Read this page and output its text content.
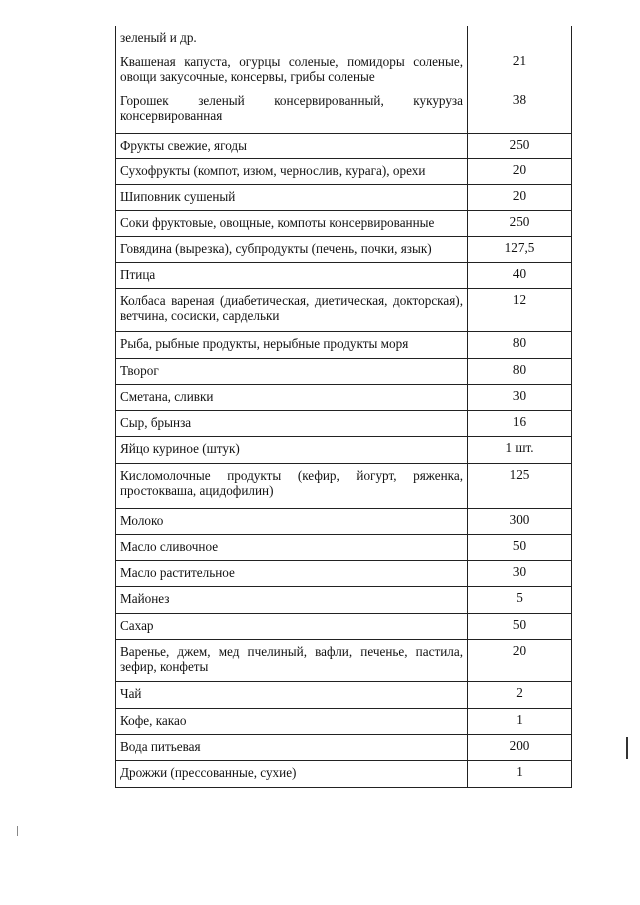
зеленый и др.	
Квашеная капуста, огурцы соленые, помидоры соленые, овощи закусочные, консервы, грибы соленые	21
Горошек зеленый консервированный, кукуруза консервированная	38
Фрукты свежие, ягоды	250
Сухофрукты (компот, изюм, чернослив, курага), орехи	20
Шиповник сушеный	20
Соки фруктовые, овощные, компоты консервированные	250
Говядина (вырезка), субпродукты (печень, почки, язык)	127,5
Птица	40
Колбаса вареная (диабетическая, диетическая, докторская), ветчина, сосиски, сардельки	12
Рыба, рыбные продукты, нерыбные продукты моря	80
Творог	80
Сметана, сливки	30
Сыр, брынза	16
Яйцо куриное (штук)	1 шт.
Кисломолочные продукты (кефир, йогурт, ряженка, простокваша, ацидофилин)	125
Молоко	300
Масло сливочное	50
Масло растительное	30
Майонез	5
Сахар	50
Варенье, джем, мед пчелиный, вафли, печенье, пастила, зефир, конфеты	20
Чай	2
Кофе, какао	1
Вода питьевая	200
Дрожжи (прессованные, сухие)	1
